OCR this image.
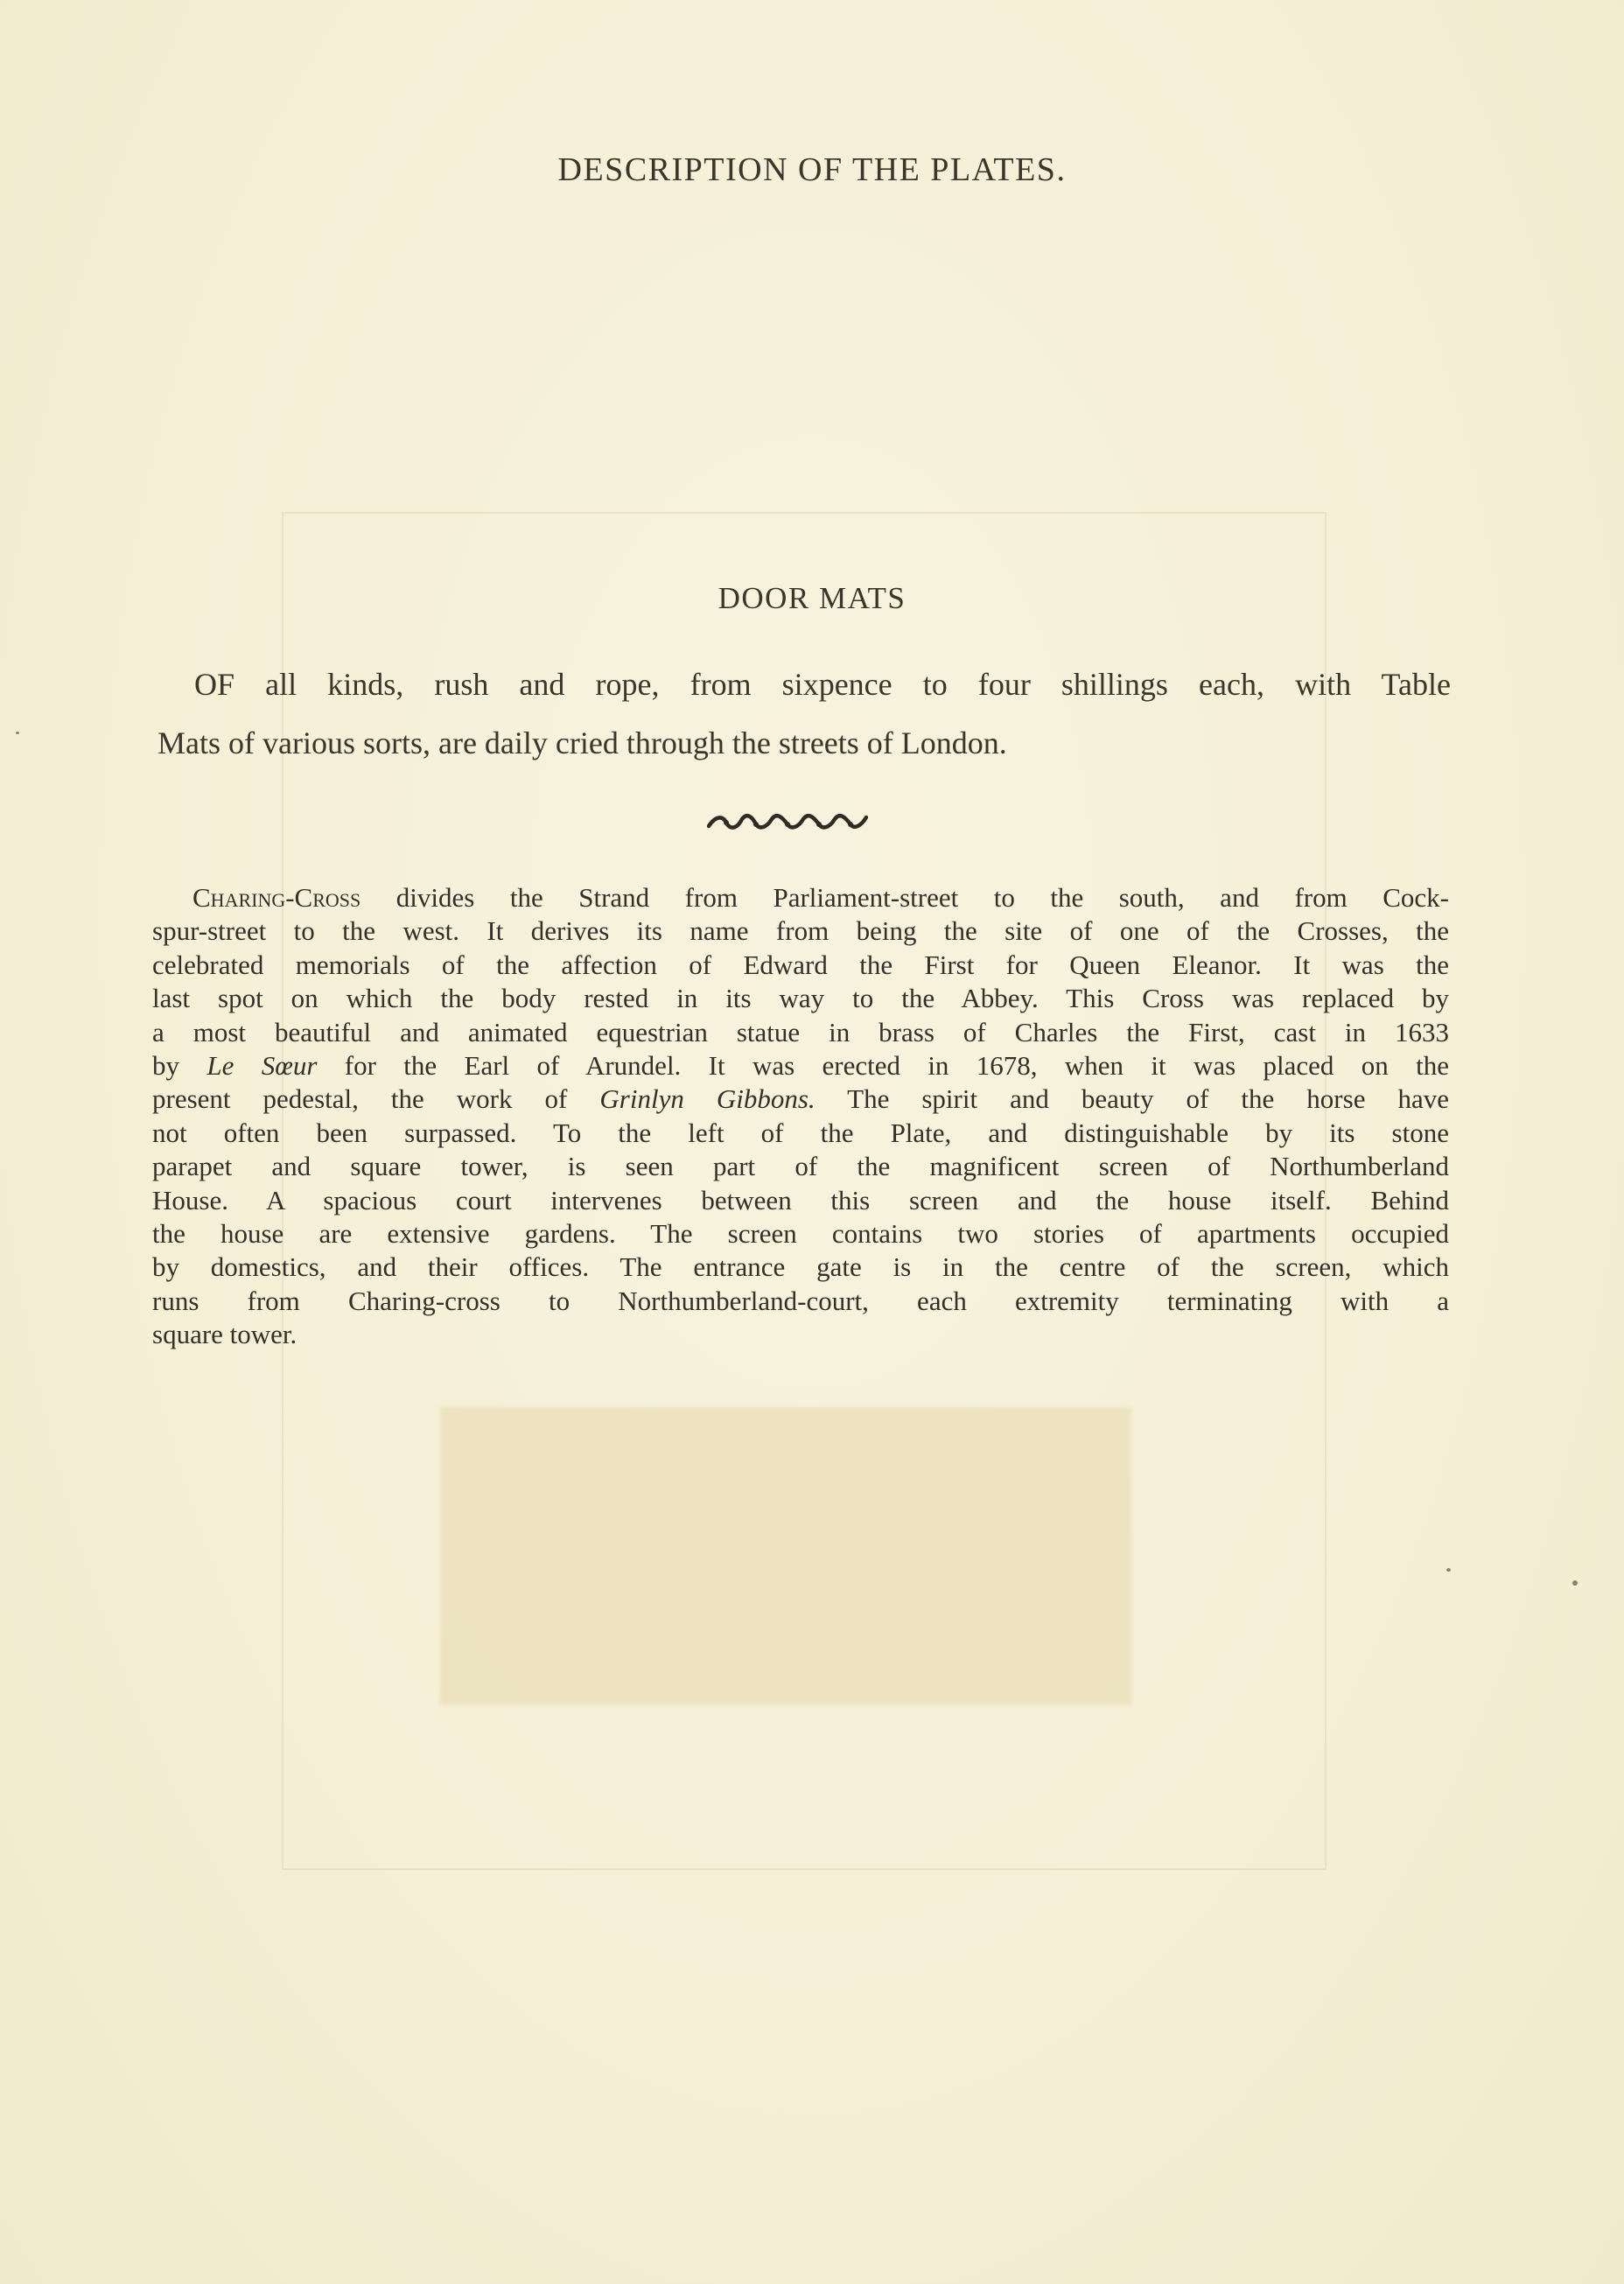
DESCRIPTION OF THE PLATES.
DOOR MATS
OF all kinds, rush and rope, from sixpence to four shillings each, with Table
Mats of various sorts, are daily cried through the streets of London.
Charing-Cross divides the Strand from Parliament-street to the south, and from Cock-
spur-street to the west. It derives its name from being the site of one of the Crosses, the
celebrated memorials of the affection of Edward the First for Queen Eleanor. It was the
last spot on which the body rested in its way to the Abbey. This Cross was replaced by
a most beautiful and animated equestrian statue in brass of Charles the First, cast in 1633
by Le Sœur for the Earl of Arundel. It was erected in 1678, when it was placed on the
present pedestal, the work of Grinlyn Gibbons. The spirit and beauty of the horse have
not often been surpassed. To the left of the Plate, and distinguishable by its stone
parapet and square tower, is seen part of the magnificent screen of Northumberland
House. A spacious court intervenes between this screen and the house itself. Behind
the house are extensive gardens. The screen contains two stories of apartments occupied
by domestics, and their offices. The entrance gate is in the centre of the screen, which
runs from Charing-cross to Northumberland-court, each extremity terminating with a
square tower.
